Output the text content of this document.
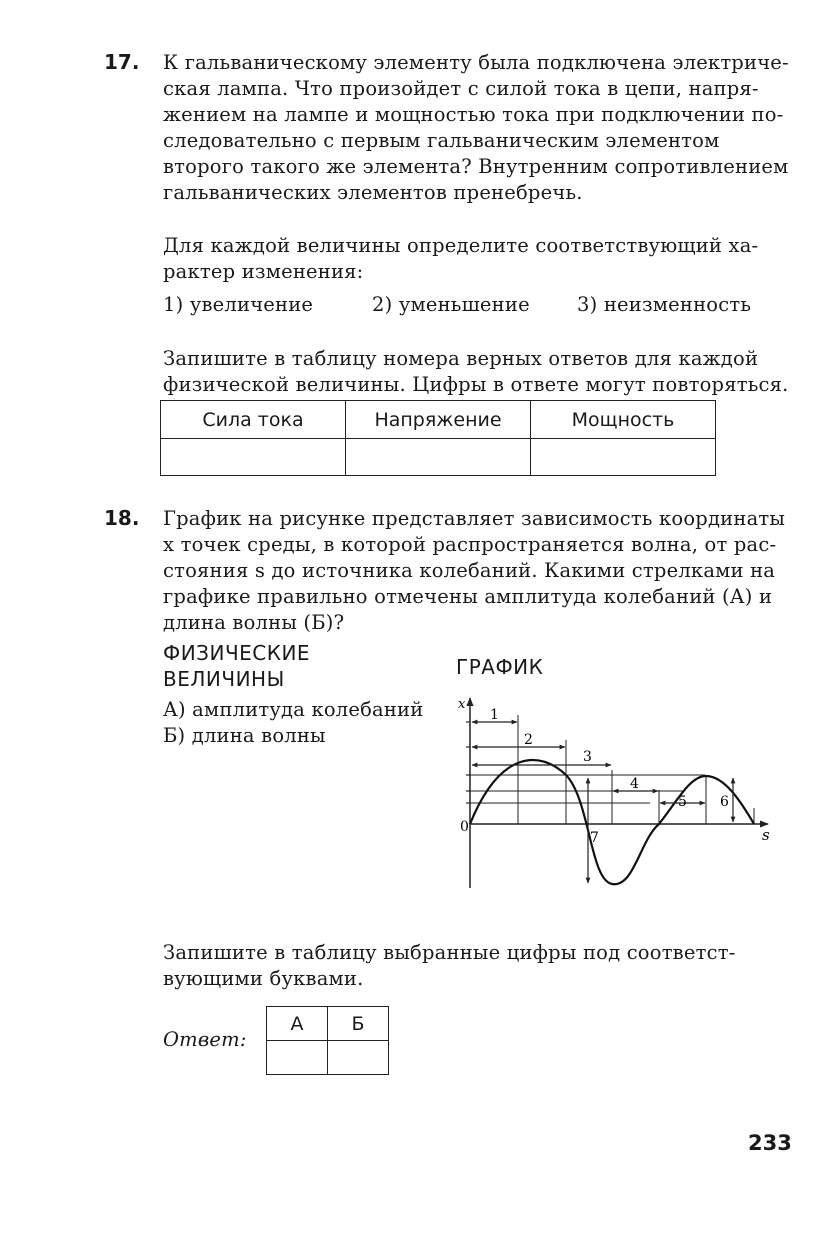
17. К гальваническому элементу была подключена электриче-
ская лампа. Что произойдет с силой тока в цепи, напря-
жением на лампе и мощностью тока при подключении по-
следовательно с первым гальваническим элементом
второго такого же элемента? Внутренним сопротивлением
гальванических элементов пренебречь.
Для каждой величины определите соответствующий ха-
рактер изменения:
1) увеличение	2) уменьшение 3) неизменность
Запишите в таблицу номера верных ответов для каждой
физической величины. Цифры в ответе могут повторяться.
Сила тока	Напряжение	Мощность

18. График на рисунке представляет зависимость координаты
x точек среды, в которой распространяется волна, от рас-
стояния s до источника колебаний. Какими стрелками на
графике правильно отмечены амплитуда колебаний (А) и
длина волны (Б)?
ФИЗИЧЕСКИЕ
ВЕЛИЧИНЫ	ГРАФИК
А) амплитуда колебаний
Б) длина волны
x
s
0
1
2
3
4
5 6
7
Запишите в таблицу выбранные цифры под соответст-
вующими буквами.
Ответ:
А	Б

233
